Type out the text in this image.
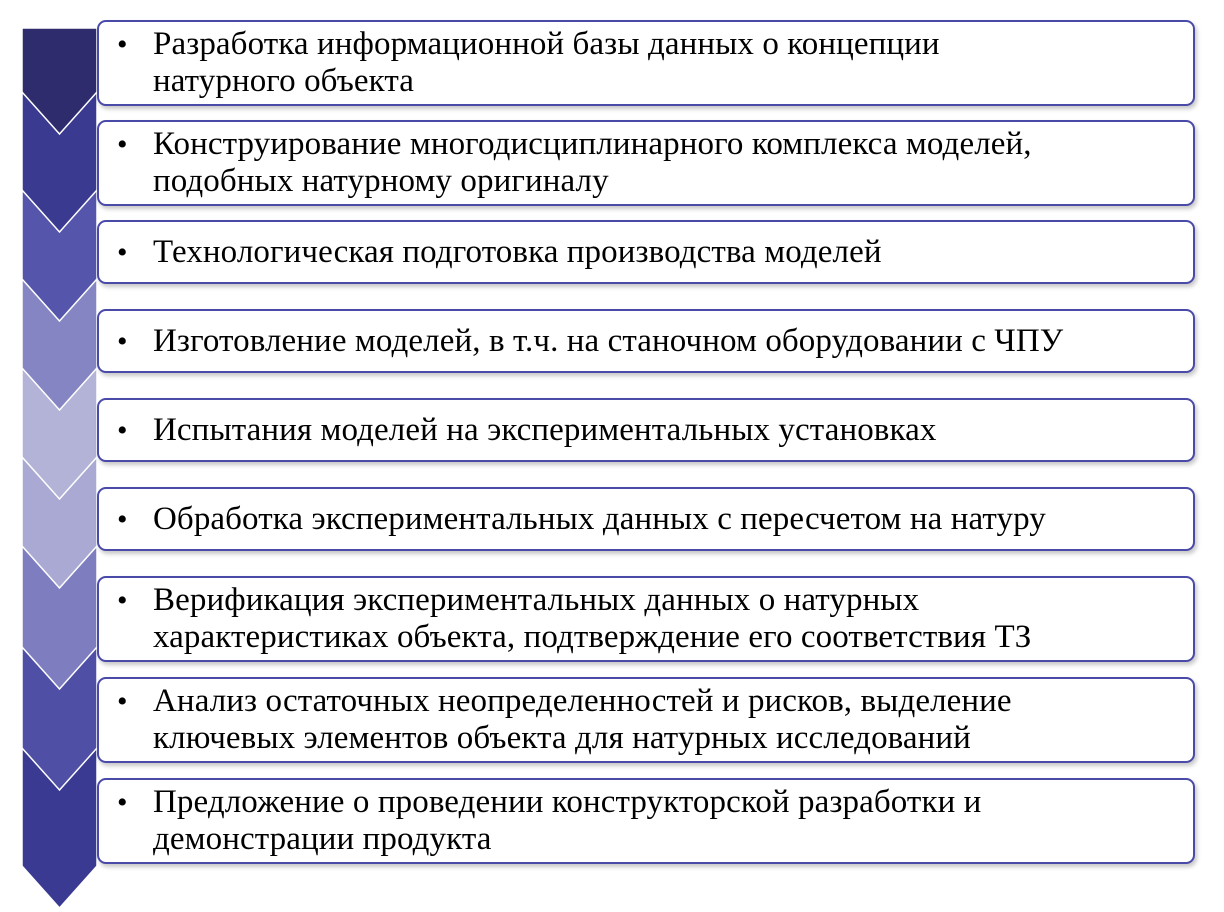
• Разработка информационной базы данных о концепции
натурного объекта
• Конструирование многодисциплинарного комплекса моделей,
подобных натурному оригиналу
• Технологическая подготовка производства моделей
• Изготовление моделей, в т.ч. на станочном оборудовании с ЧПУ
• Испытания моделей на экспериментальных установках
• Обработка экспериментальных данных с пересчетом на натуру
• Верификация экспериментальных данных о натурных
характеристиках объекта, подтверждение его соответствия ТЗ
• Анализ остаточных неопределенностей и рисков, выделение
ключевых элементов объекта для натурных исследований
• Предложение о проведении конструкторской разработки и
демонстрации продукта
